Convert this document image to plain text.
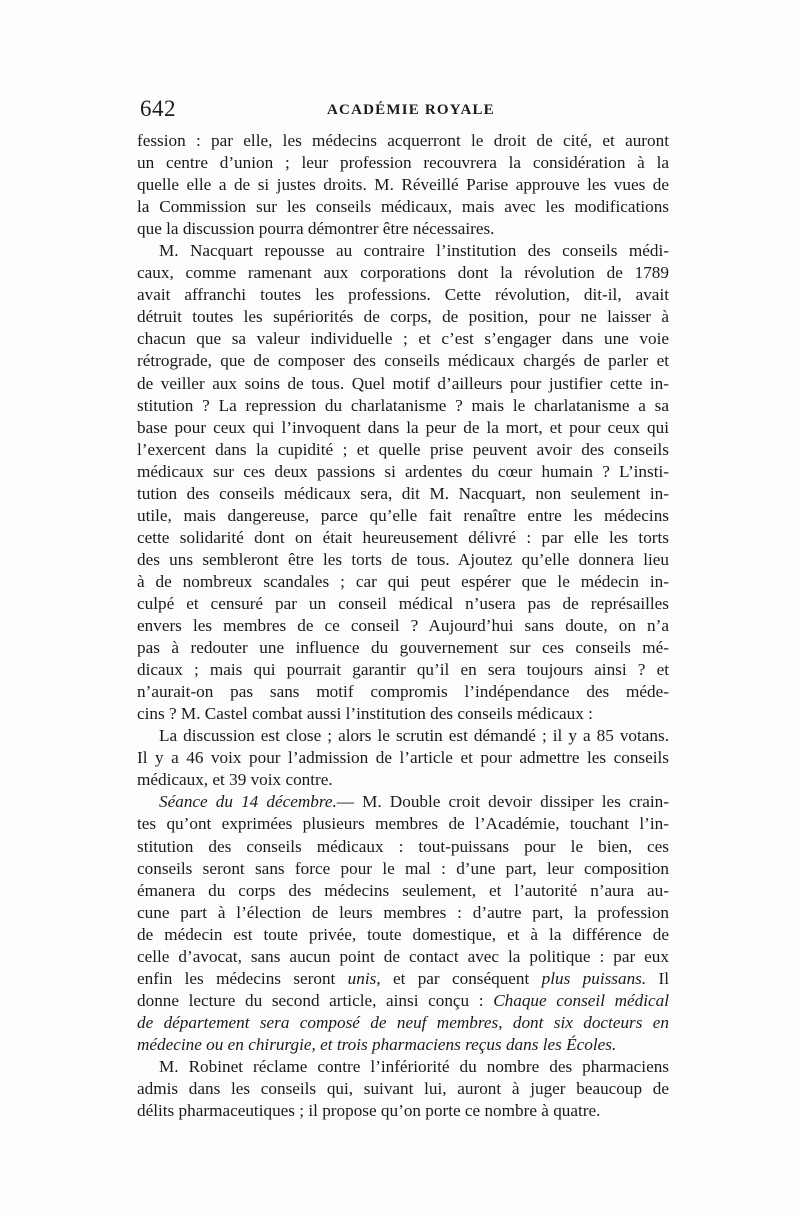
642	ACADÉMIE ROYALE
fession : par elle, les médecins acquerront le droit de cité, et auront
un centre d’union ; leur profession recouvrera la considération à la
quelle elle a de si justes droits. M. Réveillé Parise approuve les vues de
la Commission sur les conseils médicaux, mais avec les modifications
que la discussion pourra démontrer être nécessaires.
M. Nacquart repousse au contraire l’institution des conseils médi-
caux, comme ramenant aux corporations dont la révolution de 1789
avait affranchi toutes les professions. Cette révolution, dit-il, avait
détruit toutes les supériorités de corps, de position, pour ne laisser à
chacun que sa valeur individuelle ; et c’est s’engager dans une voie
rétrograde, que de composer des conseils médicaux chargés de parler et
de veiller aux soins de tous. Quel motif d’ailleurs pour justifier cette in-
stitution ? La repression du charlatanisme ? mais le charlatanisme a sa
base pour ceux qui l’invoquent dans la peur de la mort, et pour ceux qui
l’exercent dans la cupidité ; et quelle prise peuvent avoir des conseils
médicaux sur ces deux passions si ardentes du cœur humain ? L’insti-
tution des conseils médicaux sera, dit M. Nacquart, non seulement in-
utile, mais dangereuse, parce qu’elle fait renaître entre les médecins
cette solidarité dont on était heureusement délivré : par elle les torts
des uns sembleront être les torts de tous. Ajoutez qu’elle donnera lieu
à de nombreux scandales ; car qui peut espérer que le médecin in-
culpé et censuré par un conseil médical n’usera pas de représailles
envers les membres de ce conseil ? Aujourd’hui sans doute, on n’a
pas à redouter une influence du gouvernement sur ces conseils mé-
dicaux ; mais qui pourrait garantir qu’il en sera toujours ainsi ? et
n’aurait-on pas sans motif compromis l’indépendance des méde-
cins ? M. Castel combat aussi l’institution des conseils médicaux :
La discussion est close ; alors le scrutin est démandé ; il y a 85 votans.
Il y a 46 voix pour l’admission de l’article et pour admettre les conseils
médicaux, et 39 voix contre.
Séance du 14 décembre.— M. Double croit devoir dissiper les crain-
tes qu’ont exprimées plusieurs membres de l’Académie, touchant l’in-
stitution des conseils médicaux : tout-puissans pour le bien, ces
conseils seront sans force pour le mal : d’une part, leur composition
émanera du corps des médecins seulement, et l’autorité n’aura au-
cune part à l’élection de leurs membres : d’autre part, la profession
de médecin est toute privée, toute domestique, et à la différence de
celle d’avocat, sans aucun point de contact avec la politique : par eux
enfin les médecins seront unis, et par conséquent plus puissans. Il
donne lecture du second article, ainsi conçu : Chaque conseil médical
de département sera composé de neuf membres, dont six docteurs en
médecine ou en chirurgie, et trois pharmaciens reçus dans les Écoles.
M. Robinet réclame contre l’infériorité du nombre des pharmaciens
admis dans les conseils qui, suivant lui, auront à juger beaucoup de
délits pharmaceutiques ; il propose qu’on porte ce nombre à quatre.
